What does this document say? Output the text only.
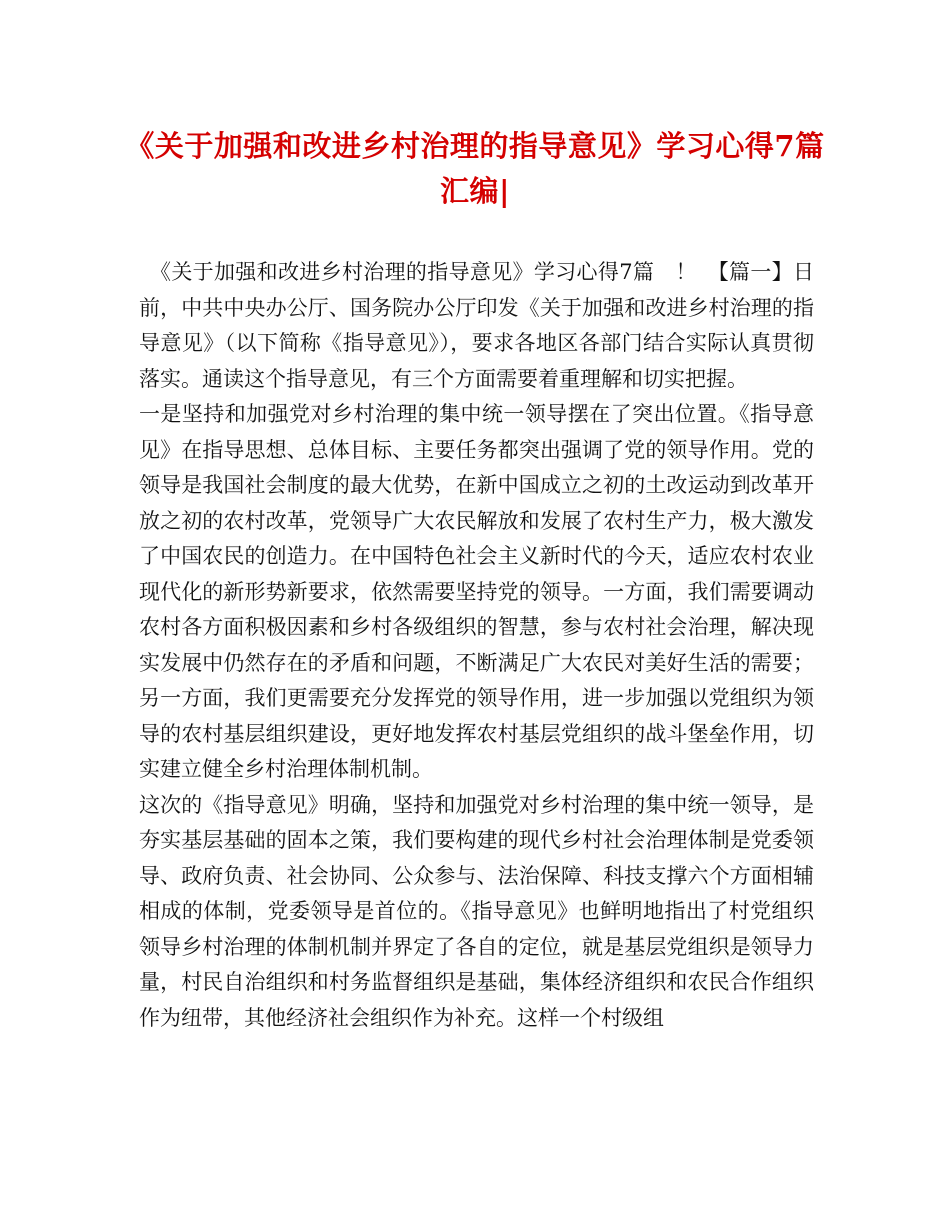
《关于加强和改进乡村治理的指导意见》学习心得7篇汇编|

《关于加强和改进乡村治理的指导意见》学习心得7篇　！　【篇一】日前，中共中央办公厅、国务院办公厅印发《关于加强和改进乡村治理的指导意见》（以下简称《指导意见》），要求各地区各部门结合实际认真贯彻落实。通读这个指导意见，有三个方面需要着重理解和切实把握。

一是坚持和加强党对乡村治理的集中统一领导摆在了突出位置。《指导意见》在指导思想、总体目标、主要任务都突出强调了党的领导作用。党的领导是我国社会制度的最大优势，在新中国成立之初的土改运动到改革开放之初的农村改革，党领导广大农民解放和发展了农村生产力，极大激发了中国农民的创造力。在中国特色社会主义新时代的今天，适应农村农业现代化的新形势新要求，依然需要坚持党的领导。一方面，我们需要调动农村各方面积极因素和乡村各级组织的智慧，参与农村社会治理，解决现实发展中仍然存在的矛盾和问题，不断满足广大农民对美好生活的需要；另一方面，我们更需要充分发挥党的领导作用，进一步加强以党组织为领导的农村基层组织建设，更好地发挥农村基层党组织的战斗堡垒作用，切实建立健全乡村治理体制机制。

这次的《指导意见》明确，坚持和加强党对乡村治理的集中统一领导，是夯实基层基础的固本之策，我们要构建的现代乡村社会治理体制是党委领导、政府负责、社会协同、公众参与、法治保障、科技支撑六个方面相辅相成的体制，党委领导是首位的。《指导意见》也鲜明地指出了村党组织领导乡村治理的体制机制并界定了各自的定位，就是基层党组织是领导力量，村民自治组织和村务监督组织是基础，集体经济组织和农民合作组织作为纽带，其他经济社会组织作为补充。这样一个村级组
